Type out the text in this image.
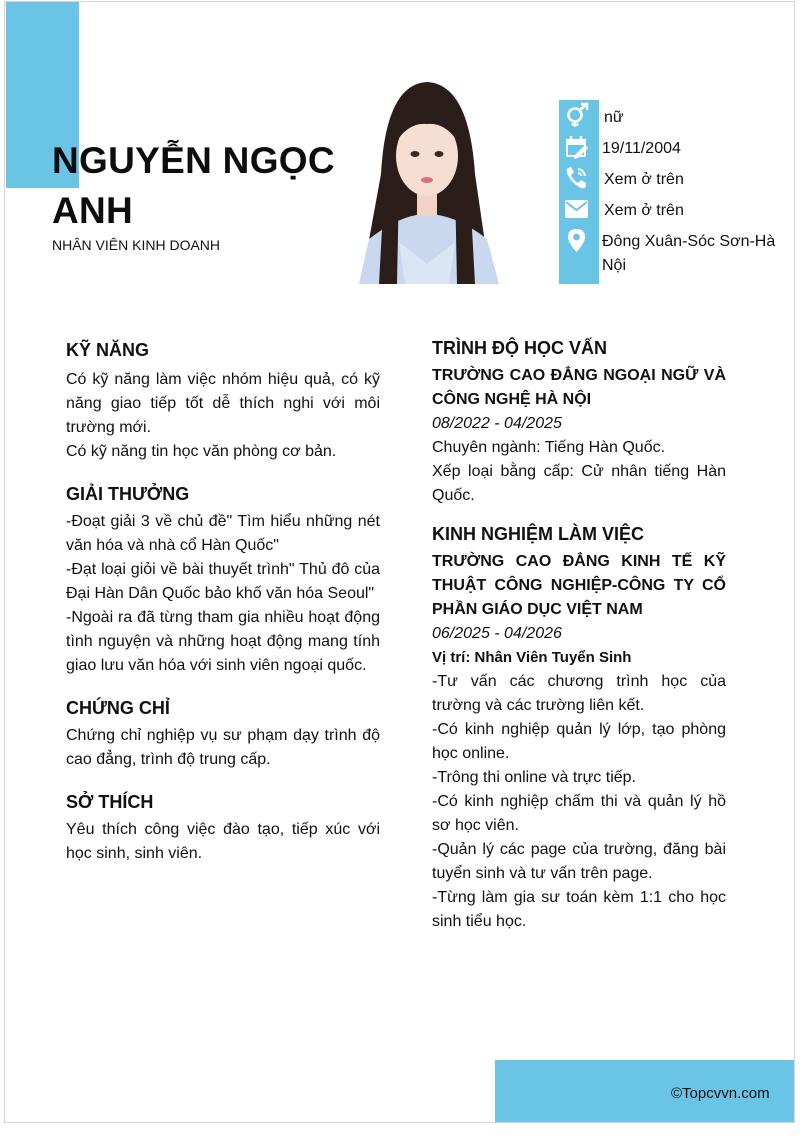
NGUYỄN NGỌC ANH
NHÂN VIÊN KINH DOANH
nữ
19/11/2004
Xem ở trên
Xem ở trên
Đông Xuân-Sóc Sơn-Hà Nội
KỸ NĂNG

Có kỹ năng làm việc nhóm hiệu quả, có kỹ năng giao tiếp tốt dễ thích nghi với môi trường mới.

Có kỹ năng tin học văn phòng cơ bản.

GIẢI THƯỞNG

-Đoạt giải 3 về chủ đề" Tìm hiểu những nét văn hóa và nhà cổ Hàn Quốc"

-Đạt loại giỏi về bài thuyết trình" Thủ đô của Đại Hàn Dân Quốc bảo khố văn hóa Seoul"

-Ngoài ra đã từng tham gia nhiều hoạt động tình nguyện và những hoạt động mang tính giao lưu văn hóa với sinh viên ngoại quốc.

CHỨNG CHỈ

Chứng chỉ nghiệp vụ sư phạm dạy trình độ cao đẳng, trình độ trung cấp.

SỞ THÍCH

Yêu thích công việc đào tạo, tiếp xúc với học sinh, sinh viên.

TRÌNH ĐỘ HỌC VẤN

TRƯỜNG CAO ĐẲNG NGOẠI NGỮ VÀ CÔNG NGHỆ HÀ NỘI

08/2022 - 04/2025

Chuyên ngành: Tiếng Hàn Quốc.

Xếp loại bằng cấp: Cử nhân tiếng Hàn Quốc.

KINH NGHIỆM LÀM VIỆC

TRƯỜNG CAO ĐẲNG KINH TẾ KỸ THUẬT CÔNG NGHIỆP-CÔNG TY CỔ PHẦN GIÁO DỤC VIỆT NAM

06/2025 - 04/2026

Vị trí: Nhân Viên Tuyển Sinh

-Tư vấn các chương trình học của trường và các trường liên kết.

-Có kinh nghiệp quản lý lớp, tạo phòng học online.

-Trông thi online và trực tiếp.

-Có kinh nghiệp chấm thi và quản lý hồ sơ học viên.

-Quản lý các page của trường, đăng bài tuyển sinh và tư vấn trên page.

-Từng làm gia sư toán kèm 1:1 cho học sinh tiểu học.

©Topcvvn.com
